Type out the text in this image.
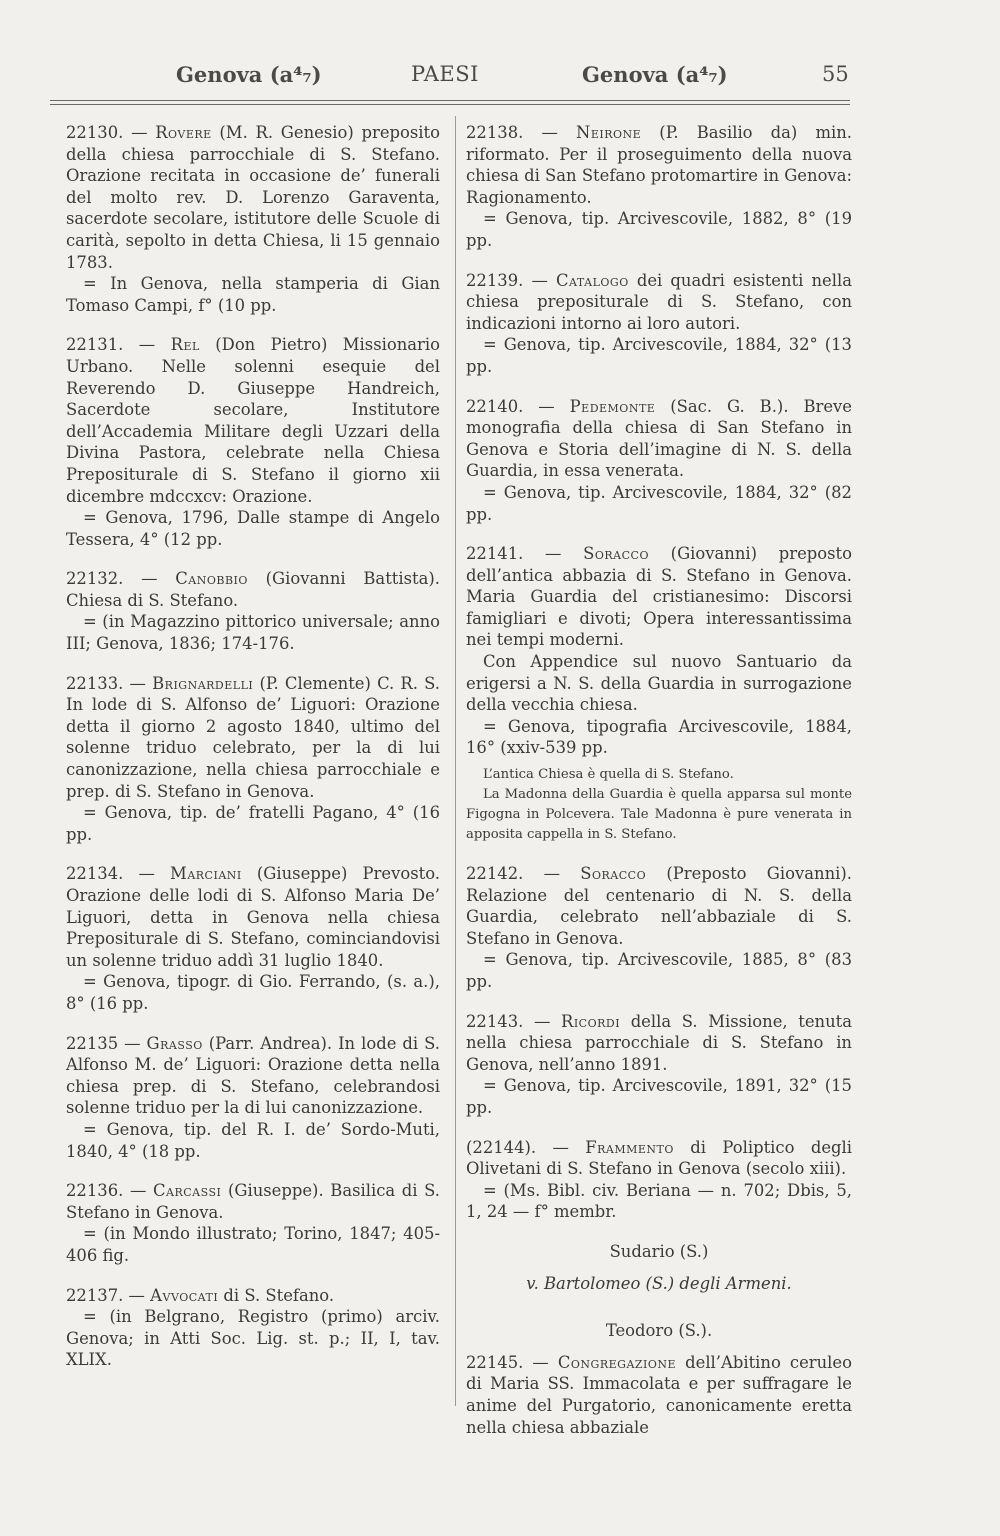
Genova (a⁴₇)	PAESI	Genova (a⁴₇)	55

22130. — Rovere (M. R. Genesio) preposito della chiesa parrocchiale di S. Stefano. Orazione recitata in occasione de’ funerali del molto rev. D. Lorenzo Garaventa, sacerdote secolare, istitutore delle Scuole di carità, sepolto in detta Chiesa, li 15 gennaio 1783.

= In Genova, nella stamperia di Gian Tomaso Campi, f° (10 pp.

22131. — Rel (Don Pietro) Missionario Urbano. Nelle solenni esequie del Reverendo D. Giuseppe Handreich, Sacerdote secolare, Institutore dell’Accademia Militare degli Uzzari della Divina Pastora, celebrate nella Chiesa Prepositurale di S. Stefano il giorno xii dicembre mdccxcv: Orazione.

= Genova, 1796, Dalle stampe di Angelo Tessera, 4° (12 pp.

22132. — Canobbio (Giovanni Battista). Chiesa di S. Stefano.

= (in Magazzino pittorico universale; anno III; Genova, 1836; 174-176.

22133. — Brignardelli (P. Clemente) C. R. S. In lode di S. Alfonso de’ Liguori: Orazione detta il giorno 2 agosto 1840, ultimo del solenne triduo celebrato, per la di lui canonizzazione, nella chiesa parrocchiale e prep. di S. Stefano in Genova.

= Genova, tip. de’ fratelli Pagano, 4° (16 pp.

22134. — Marciani (Giuseppe) Prevosto. Orazione delle lodi di S. Alfonso Maria De’ Liguori, detta in Genova nella chiesa Prepositurale di S. Stefano, cominciandovisi un solenne triduo addì 31 luglio 1840.

= Genova, tipogr. di Gio. Ferrando, (s. a.), 8° (16 pp.

22135 — Grasso (Parr. Andrea). In lode di S. Alfonso M. de’ Liguori: Orazione detta nella chiesa prep. di S. Stefano, celebrandosi solenne triduo per la di lui canonizzazione.

= Genova, tip. del R. I. de’ Sordo-Muti, 1840, 4° (18 pp.

22136. — Carcassi (Giuseppe). Basilica di S. Stefano in Genova.

= (in Mondo illustrato; Torino, 1847; 405-406 fig.

22137. — Avvocati di S. Stefano.

= (in Belgrano, Registro (primo) arciv. Genova; in Atti Soc. Lig. st. p.; II, I, tav. XLIX.

22138. — Neirone (P. Basilio da) min. riformato. Per il proseguimento della nuova chiesa di San Stefano protomartire in Genova: Ragionamento.

= Genova, tip. Arcivescovile, 1882, 8° (19 pp.

22139. — Catalogo dei quadri esistenti nella chiesa prepositurale di S. Stefano, con indicazioni intorno ai loro autori.

= Genova, tip. Arcivescovile, 1884, 32° (13 pp.

22140. — Pedemonte (Sac. G. B.). Breve monografia della chiesa di San Stefano in Genova e Storia dell’imagine di N. S. della Guardia, in essa venerata.

= Genova, tip. Arcivescovile, 1884, 32° (82 pp.

22141. — Soracco (Giovanni) preposto dell’antica abbazia di S. Stefano in Genova. Maria Guardia del cristianesimo: Discorsi famigliari e divoti; Opera interessantissima nei tempi moderni.

Con Appendice sul nuovo Santuario da erigersi a N. S. della Guardia in surrogazione della vecchia chiesa.

= Genova, tipografia Arcivescovile, 1884, 16° (xxiv-539 pp.

L’antica Chiesa è quella di S. Stefano.

La Madonna della Guardia è quella apparsa sul monte Figogna in Polcevera. Tale Madonna è pure venerata in apposita cappella in S. Stefano.

22142. — Soracco (Preposto Giovanni). Relazione del centenario di N. S. della Guardia, celebrato nell’abbaziale di S. Stefano in Genova.

= Genova, tip. Arcivescovile, 1885, 8° (83 pp.

22143. — Ricordi della S. Missione, tenuta nella chiesa parrocchiale di S. Stefano in Genova, nell’anno 1891.

= Genova, tip. Arcivescovile, 1891, 32° (15 pp.

(22144). — Frammento di Poliptico degli Olivetani di S. Stefano in Genova (secolo xiii).

= (Ms. Bibl. civ. Beriana — n. 702; Dbis, 5, 1, 24 — f° membr.

Sudario (S.)

v. Bartolomeo (S.) degli Armeni.

Teodoro (S.).

22145. — Congregazione dell’Abitino ceruleo di Maria SS. Immacolata e per suffragare le anime del Purgatorio, canonicamente eretta nella chiesa abbaziale
